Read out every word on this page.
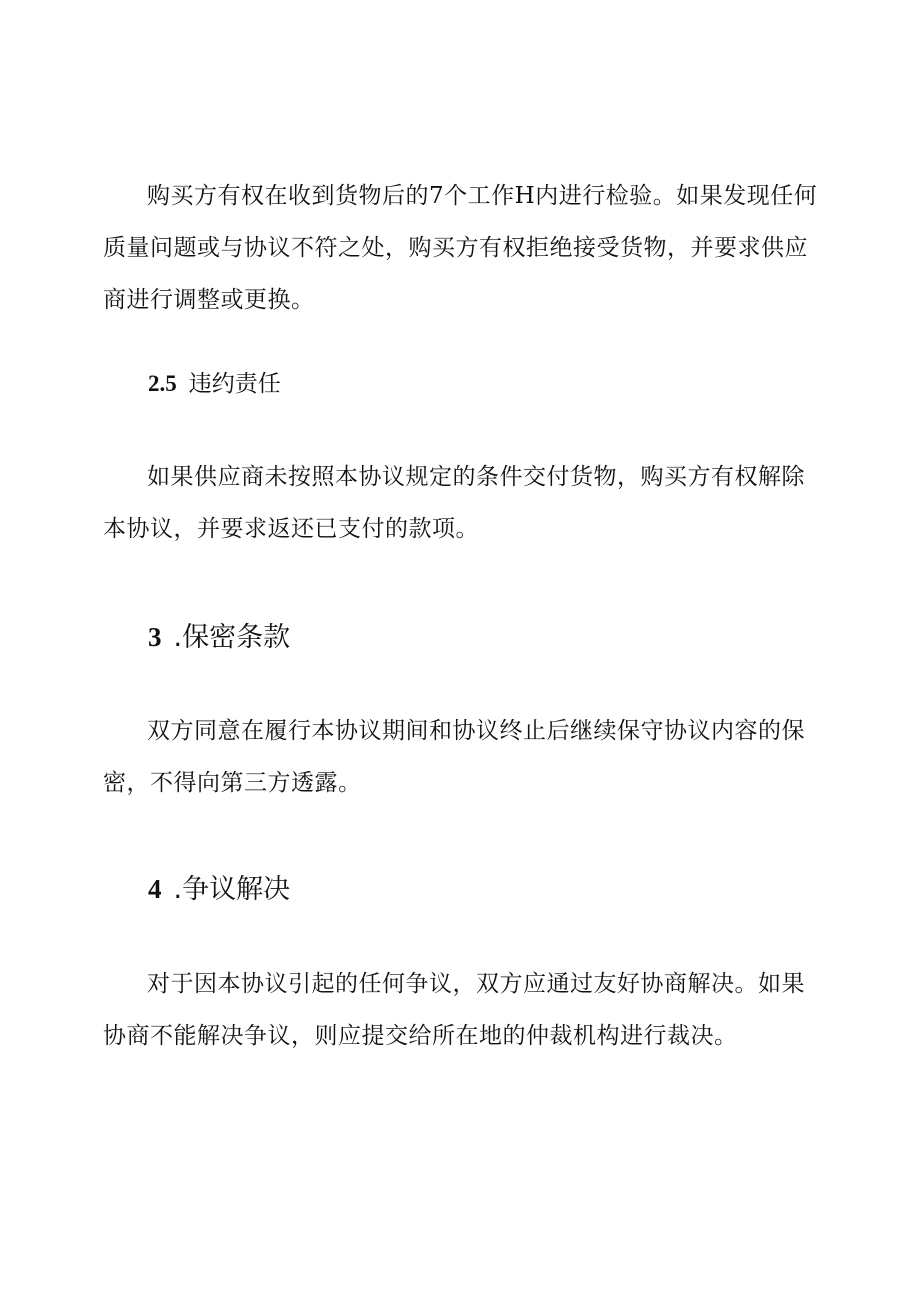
购买方有权在收到货物后的7个工作H内进行检验。如果发现任何质量问题或与协议不符之处，购买方有权拒绝接受货物，并要求供应商进行调整或更换。

2.5 违约责任

如果供应商未按照本协议规定的条件交付货物，购买方有权解除本协议，并要求返还已支付的款项。

3 .保密条款

双方同意在履行本协议期间和协议终止后继续保守协议内容的保密，不得向第三方透露。

4 .争议解决

对于因本协议引起的任何争议，双方应通过友好协商解决。如果协商不能解决争议，则应提交给所在地的仲裁机构进行裁决。
